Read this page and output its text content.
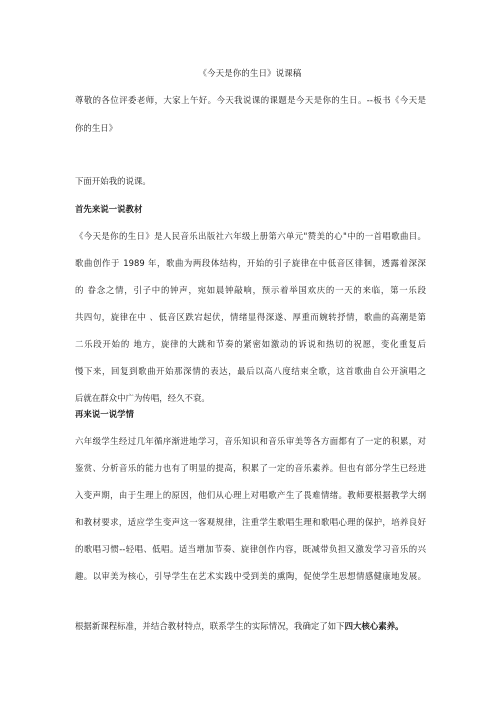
《今天是你的生日》说课稿
尊敬的各位评委老师，大家上午好。今天我说课的课题是今天是你的生日。--板书《今天是
你的生日》
下面开始我的说课。
首先来说一说教材
《今天是你的生日》是人民音乐出版社六年级上册第六单元"赞美的心"中的一首唱歌曲目。
歌曲创作于 1989 年，歌曲为两段体结构，开始的引子旋律在中低音区徘徊，透露着深深
的 眷念之情，引子中的钟声，宛如晨钟敲响，预示着举国欢庆的一天的来临，第一乐段
共四句，旋律在中 、低音区跌宕起伏，情绪显得深遂、厚重而婉转抒情，歌曲的高潮是第
二乐段开始的 地方，旋律的大跳和节奏的紧密如激动的诉说和热切的祝愿，变化重复后
慢下来，回复到歌曲开始那深情的表达，最后以高八度结束全歌，这首歌曲自公开演唱之
后就在群众中广为传唱，经久不衰。
再来说一说学情
六年级学生经过几年循序渐进地学习，音乐知识和音乐审美等各方面都有了一定的积累，对
鉴赏、分析音乐的能力也有了明显的提高，积累了一定的音乐素养。但也有部分学生已经进
入变声期，由于生理上的原因，他们从心理上对唱歌产生了畏难情绪。教师要根据教学大纲
和教材要求，适应学生变声这一客观规律，注重学生歌唱生理和歌唱心理的保护，培养良好
的歌唱习惯--轻唱、低唱。适当增加节奏、旋律创作内容，既减带负担又激发学习音乐的兴
趣。以审美为核心，引导学生在艺术实践中受到美的熏陶，促使学生思想情感健康地发展。
根据新课程标准，并结合教材特点，联系学生的实际情况，我确定了如下四大核心素养。
